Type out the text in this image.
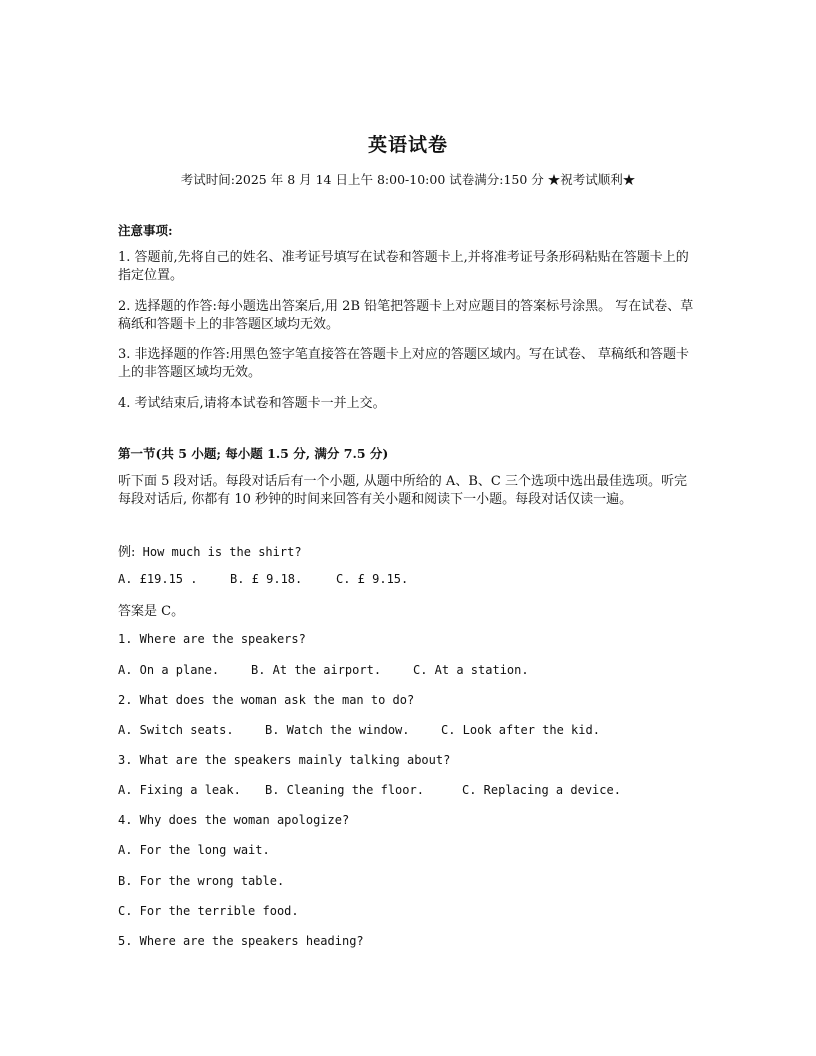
英语试卷
考试时间:2025 年 8 月 14 日上午 8:00-10:00 试卷满分:150 分 ★祝考试顺利★
注意事项:
1. 答题前,先将自己的姓名、准考证号填写在试卷和答题卡上,并将准考证号条形码粘贴在答题卡上的指定位置。
2. 选择题的作答:每小题选出答案后,用 2B 铅笔把答题卡上对应题目的答案标号涂黑。 写在试卷、草稿纸和答题卡上的非答题区域均无效。
3. 非选择题的作答:用黑色签字笔直接答在答题卡上对应的答题区域内。写在试卷、 草稿纸和答题卡上的非答题区域均无效。
4. 考试结束后,请将本试卷和答题卡一并上交。
第一节(共 5 小题; 每小题 1.5 分, 满分 7.5 分)
听下面 5 段对话。每段对话后有一个小题, 从题中所给的 A、B、C 三个选项中选出最佳选项。听完每段对话后, 你都有 10 秒钟的时间来回答有关小题和阅读下一小题。每段对话仅读一遍。
例: How much is the shirt?
A. £19.15 .	B. £ 9.18.	C. £ 9.15.
答案是 C。
1. Where are the speakers?
A. On a plane.	B. At the airport.	C. At a station.
2. What does the woman ask the man to do?
A. Switch seats.	B. Watch the window.	C. Look after the kid.
3. What are the speakers mainly talking about?
A. Fixing a leak. B. Cleaning the floor.	C. Replacing a device.
4. Why does the woman apologize?
A. For the long wait.
B. For the wrong table.
C. For the terrible food.
5. Where are the speakers heading?
